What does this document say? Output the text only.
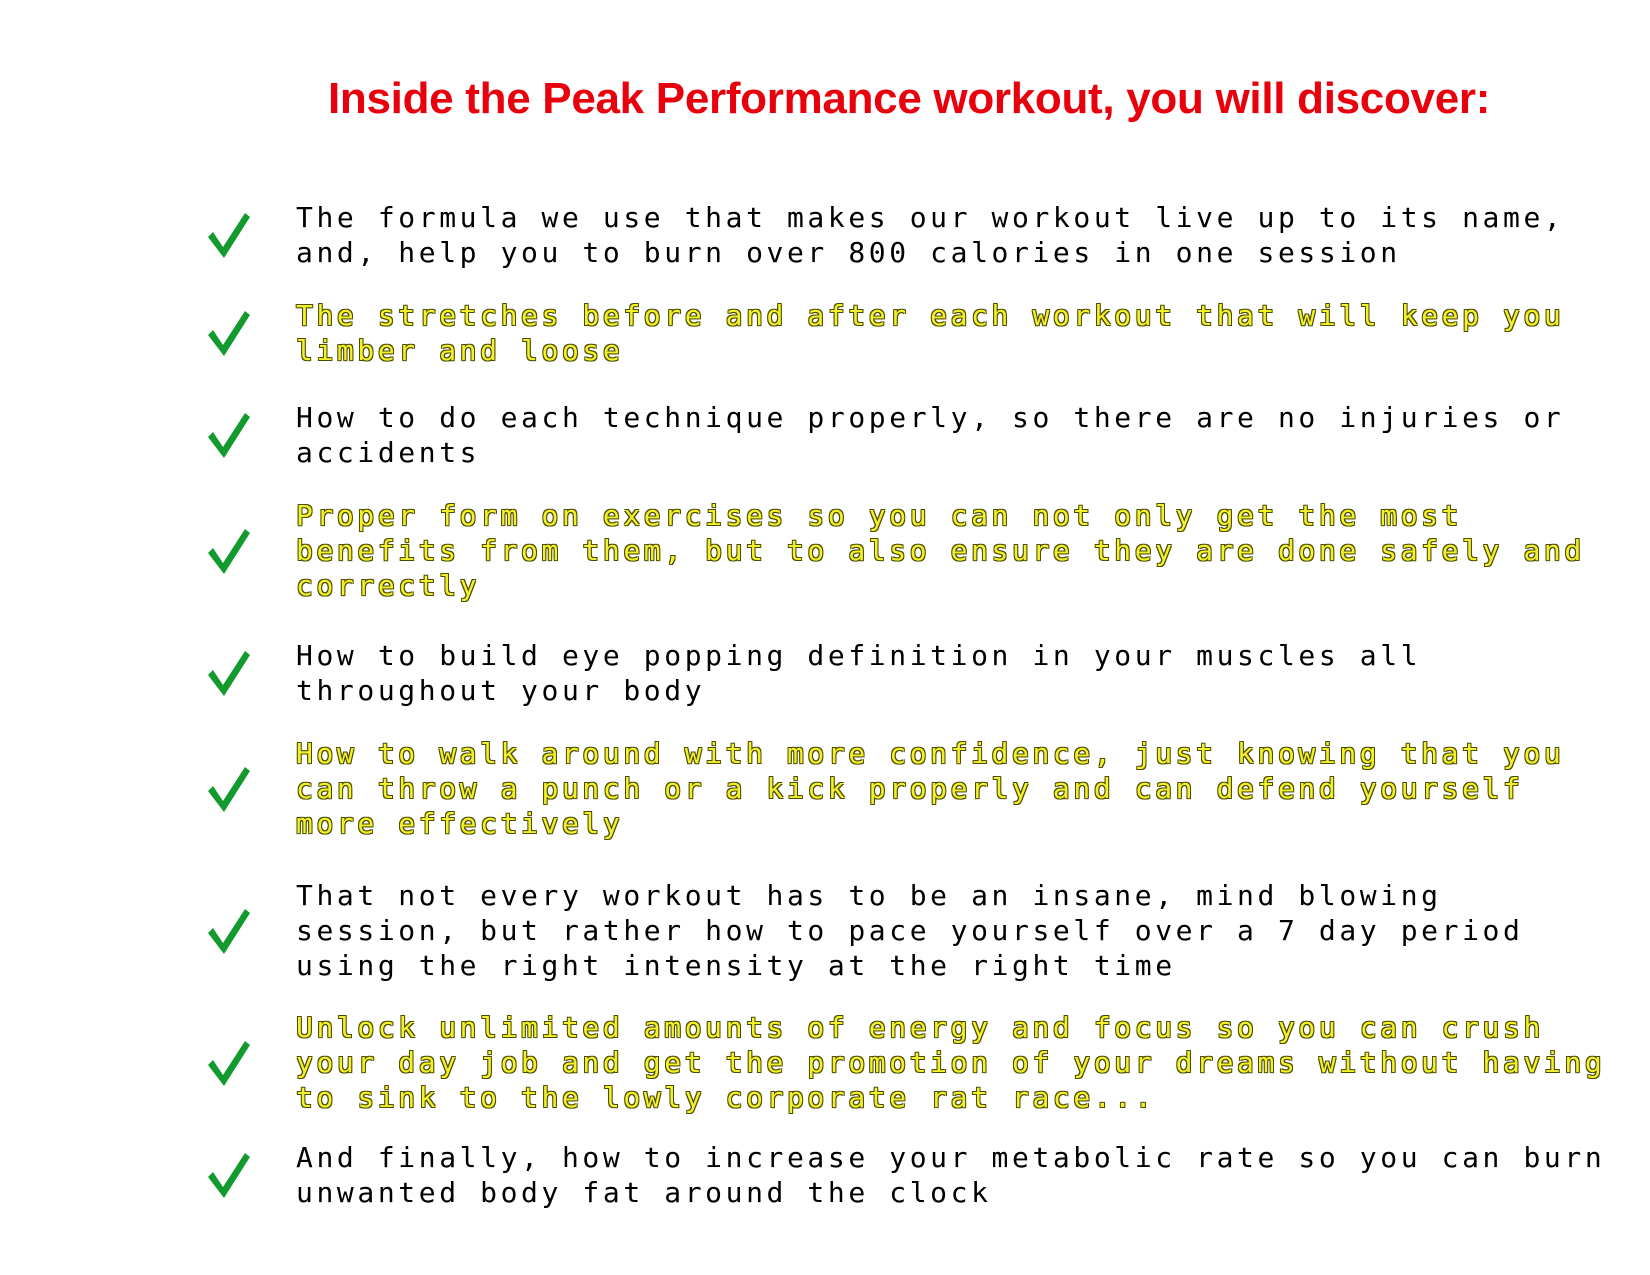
Inside the Peak Performance workout, you will discover:
The formula we use that makes our workout live up to its name,
and, help you to burn over 800 calories in one session
The stretches before and after each workout that will keep you
limber and loose
How to do each technique properly, so there are no injuries or
accidents
Proper form on exercises so you can not only get the most
benefits from them, but to also ensure they are done safely and
correctly
How to build eye popping definition in your muscles all
throughout your body
How to walk around with more confidence, just knowing that you
can throw a punch or a kick properly and can defend yourself
more effectively
That not every workout has to be an insane, mind blowing
session, but rather how to pace yourself over a 7 day period
using the right intensity at the right time
Unlock unlimited amounts of energy and focus so you can crush
your day job and get the promotion of your dreams without having
to sink to the lowly corporate rat race...
And finally, how to increase your metabolic rate so you can burn
unwanted body fat around the clock
